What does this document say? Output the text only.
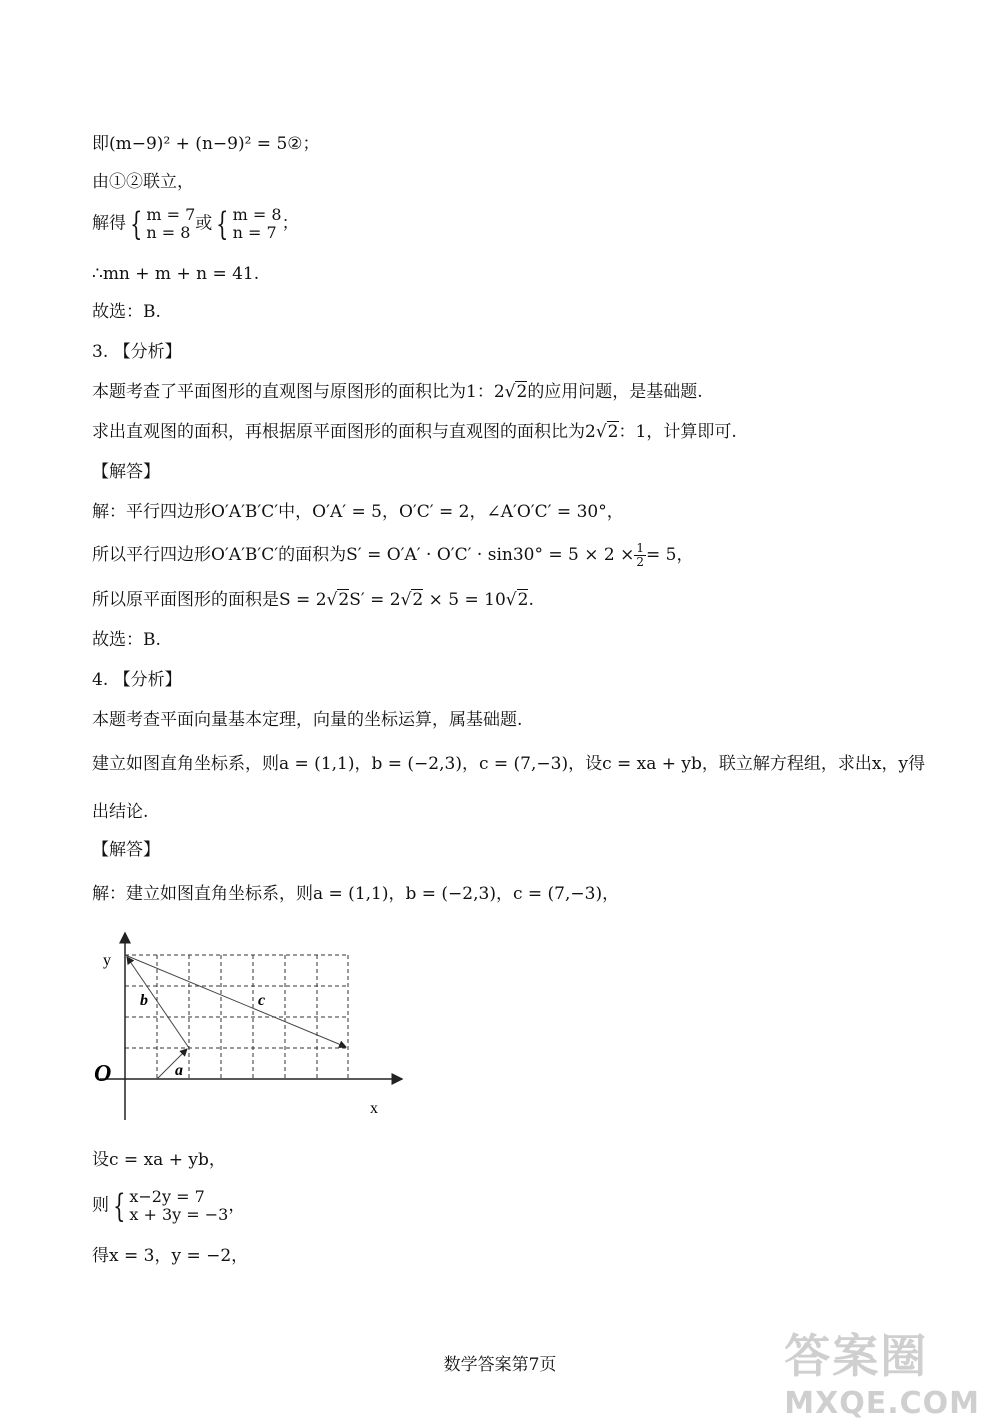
即(m−9)² + (n−9)² = 5②；
由①②联立，
解得 { m = 7
n = 8 或 { m = 8
n = 7 ；
∴mn + m + n = 41.
故选：B.
3. 【分析】
本题考查了平面图形的直观图与原图形的面积比为1：2√2的应用问题，是基础题.
求出直观图的面积，再根据原平面图形的面积与直观图的面积比为2√2：1，计算即可.
【解答】
解：平行四边形O′A′B′C′中，O′A′ = 5，O′C′ = 2，∠A′O′C′ = 30°，
所以平行四边形O′A′B′C′的面积为$S' = O'A' \cdot O'C' \cdot \sin 30^\circ = 5 \times 2 \times \frac{1}{2} = 5$，
所以原平面图形的面积是S = 2√2S′ = 2√2 × 5 = 10√2.
故选：B.
4. 【分析】
本题考查平面向量基本定理，向量的坐标运算，属基础题.
建立如图直角坐标系，则a = (1,1)，b = (−2,3)，c = (7,−3)，设c = xa + yb，联立解方程组，求出x，y得
出结论.
【解答】
解：建立如图直角坐标系，则a = (1,1)，b = (−2,3)，c = (7,−3)，
y
x
O	a
b	c
设c = xa + yb，
则 { x−2y = 7
x + 3y = −3 ，
得x = 3，y = −2，
数学答案第7页	答案圈
MXQE.COM
